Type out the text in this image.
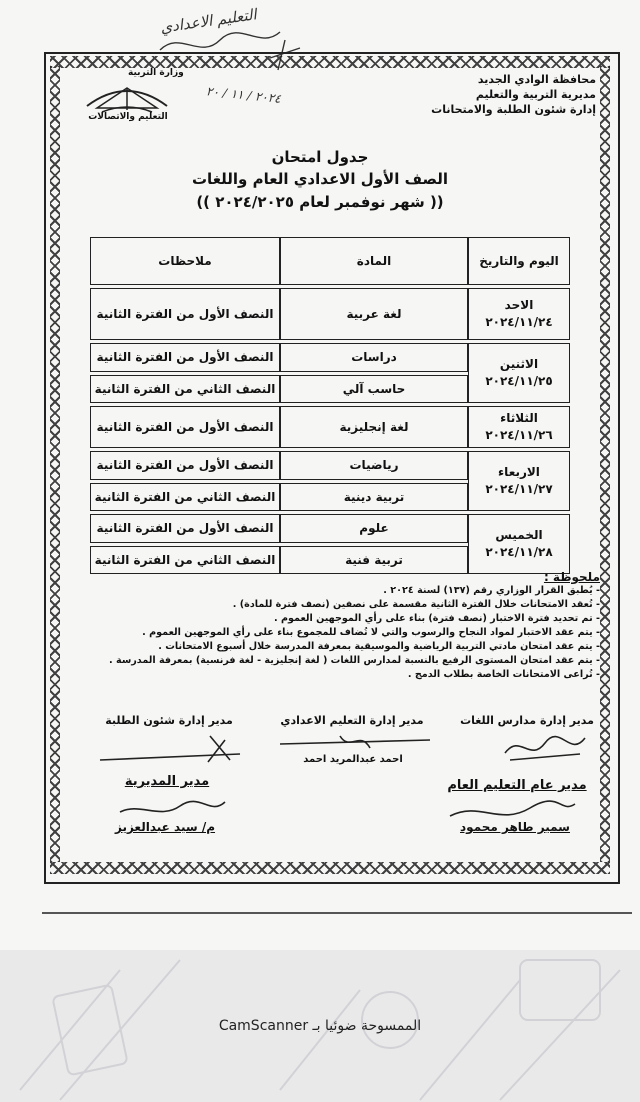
التعليم الاعدادي
٢٠٢٤ / ١١ / ٢٠
محافظة الوادي الجديد
مديرية التربية والتعليم
إدارة شئون الطلبة والامتحانات
وزارة التربية
التعليم والاتصالات
جدول امتحان
الصف الأول الاعدادي العام واللغات
(( شهر نوفمبر لعام ٢٠٢٤/٢٠٢٥ ))
اليوم والتاريخ	المادة	ملاحظات

الاحد
٢٠٢٤/١١/٢٤	لغة عربية	النصف الأول من الفترة الثانية

الاثنين
٢٠٢٤/١١/٢٥	دراسات	النصف الأول من الفترة الثانية
	حاسب آلي	النصف الثاني من الفترة الثانية

الثلاثاء
٢٠٢٤/١١/٢٦	لغة إنجليزية	النصف الأول من الفترة الثانية

الاربعاء
٢٠٢٤/١١/٢٧	رياضيات	النصف الأول من الفترة الثانية
	تربية دينية	النصف الثاني من الفترة الثانية

الخميس
٢٠٢٤/١١/٢٨	علوم	النصف الأول من الفترة الثانية
	تربية فنية	النصف الثاني من الفترة الثانية
ملحوظة :
- يُطبق القرار الوزاري رقم (١٣٧) لسنة ٢٠٢٤ .
- تُعقد الامتحانات خلال الفترة الثانية مقسمة على نصفين (نصف فترة للمادة) .
- تم تحديد فترة الاختبار (نصف فترة) بناء على رأي الموجهين العموم .
- يتم عقد الاختبار لمواد النجاح والرسوب والتي لا تُضاف للمجموع بناء على رأي الموجهين العموم .
- يتم عقد امتحان مادتي التربية الرياضية والموسيقية بمعرفة المدرسة خلال أسبوع الامتحانات .
- يتم عقد امتحان المستوى الرفيع بالنسبة لمدارس اللغات ( لغة إنجليزية - لغة فرنسية) بمعرفة المدرسة .
- تُراعى الامتحانات الخاصة بطلاب الدمج .
مدير إدارة مدارس اللغات
مدير إدارة التعليم الاعدادي
مدير إدارة شئون الطلبة
احمد عبدالمريد احمد
مدير عام التعليم العام
مدير المديرية
سمير طاهر محمود
م/ سيد عبدالعزيز
الممسوحة ضوئيا بـ CamScanner
